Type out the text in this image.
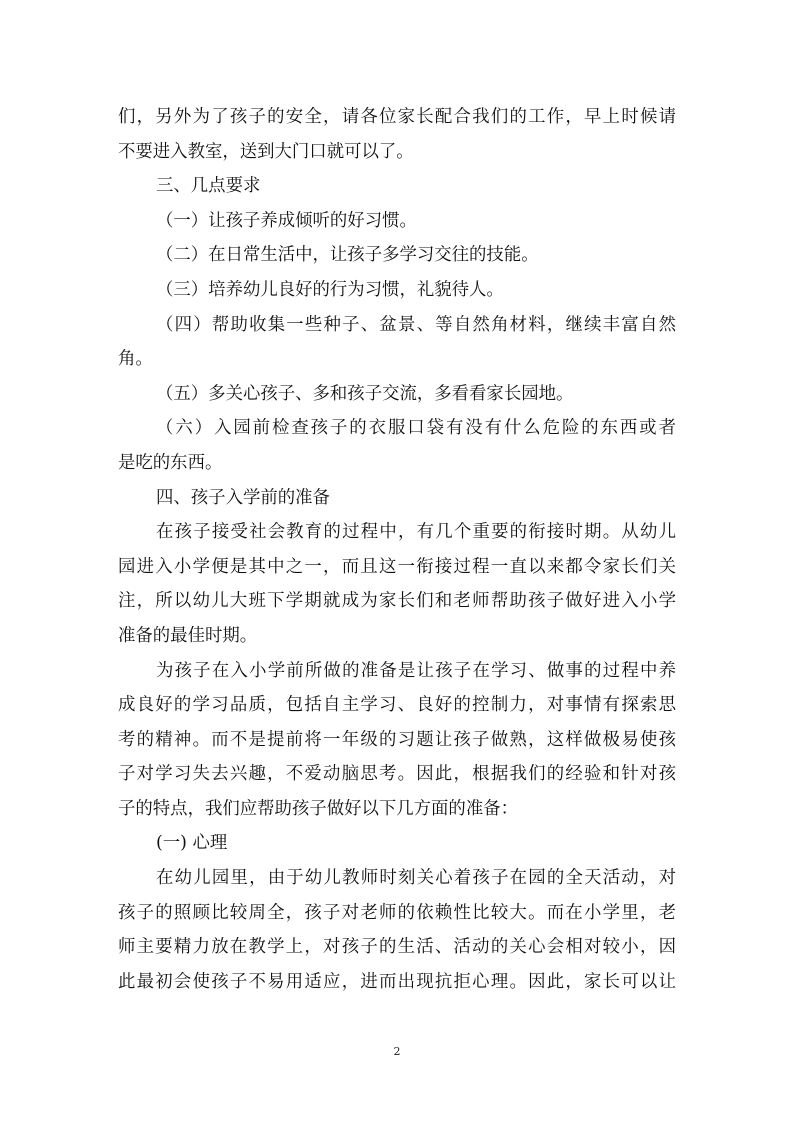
们，另外为了孩子的安全，请各位家长配合我们的工作，早上时候请
不要进入教室，送到大门口就可以了。
三、几点要求
（一）让孩子养成倾听的好习惯。
（二）在日常生活中，让孩子多学习交往的技能。
（三）培养幼儿良好的行为习惯，礼貌待人。
（四）帮助收集一些种子、盆景、等自然角材料，继续丰富自然
角。
（五）多关心孩子、多和孩子交流，多看看家长园地。
（六）入园前检查孩子的衣服口袋有没有什么危险的东西或者
是吃的东西。
四、孩子入学前的准备
在孩子接受社会教育的过程中，有几个重要的衔接时期。从幼儿
园进入小学便是其中之一，而且这一衔接过程一直以来都令家长们关
注，所以幼儿大班下学期就成为家长们和老师帮助孩子做好进入小学
准备的最佳时期。
为孩子在入小学前所做的准备是让孩子在学习、做事的过程中养
成良好的学习品质，包括自主学习、良好的控制力，对事情有探索思
考的精神。而不是提前将一年级的习题让孩子做熟，这样做极易使孩
子对学习失去兴趣，不爱动脑思考。因此，根据我们的经验和针对孩
子的特点，我们应帮助孩子做好以下几方面的准备：
(一) 心理
在幼儿园里，由于幼儿教师时刻关心着孩子在园的全天活动，对
孩子的照顾比较周全，孩子对老师的依赖性比较大。而在小学里，老
师主要精力放在教学上，对孩子的生活、活动的关心会相对较小，因
此最初会使孩子不易用适应，进而出现抗拒心理。因此，家长可以让
2
